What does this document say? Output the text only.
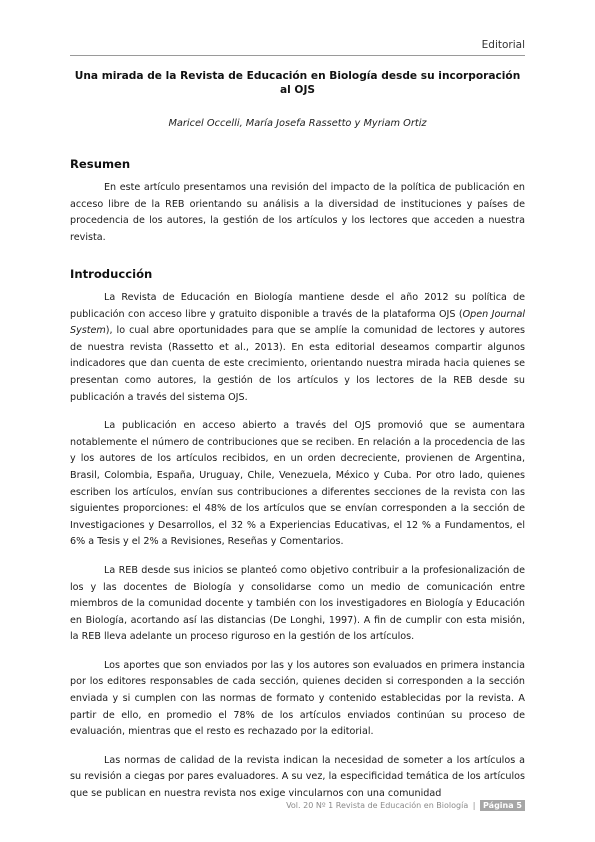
Editorial
Una mirada de la Revista de Educación en Biología desde su incorporación al OJS
Maricel Occelli, María Josefa Rassetto y Myriam Ortiz
Resumen

En este artículo presentamos una revisión del impacto de la política de publicación en acceso libre de la REB orientando su análisis a la diversidad de instituciones y países de procedencia de los autores, la gestión de los artículos y los lectores que acceden a nuestra revista.

Introducción

La Revista de Educación en Biología mantiene desde el año 2012 su política de publicación con acceso libre y gratuito disponible a través de la plataforma OJS (Open Journal System), lo cual abre oportunidades para que se amplíe la comunidad de lectores y autores de nuestra revista (Rassetto et al., 2013). En esta editorial deseamos compartir algunos indicadores que dan cuenta de este crecimiento, orientando nuestra mirada hacia quienes se presentan como autores, la gestión de los artículos y los lectores de la REB desde su publicación a través del sistema OJS.

La publicación en acceso abierto a través del OJS promovió que se aumentara notablemente el número de contribuciones que se reciben. En relación a la procedencia de las y los autores de los artículos recibidos, en un orden decreciente, provienen de Argentina, Brasil, Colombia, España, Uruguay, Chile, Venezuela, México y Cuba. Por otro lado, quienes escriben los artículos, envían sus contribuciones a diferentes secciones de la revista con las siguientes proporciones: el 48% de los artículos que se envían corresponden a la sección de Investigaciones y Desarrollos, el 32 % a Experiencias Educativas, el 12 % a Fundamentos, el 6% a Tesis y el 2% a Revisiones, Reseñas y Comentarios.

La REB desde sus inicios se planteó como objetivo contribuir a la profesionalización de los y las docentes de Biología y consolidarse como un medio de comunicación entre miembros de la comunidad docente y también con los investigadores en Biología y Educación en Biología, acortando así las distancias (De Longhi, 1997). A fin de cumplir con esta misión, la REB lleva adelante un proceso riguroso en la gestión de los artículos.

Los aportes que son enviados por las y los autores son evaluados en primera instancia por los editores responsables de cada sección, quienes deciden si corresponden a la sección enviada y si cumplen con las normas de formato y contenido establecidas por la revista. A partir de ello, en promedio el 78% de los artículos enviados continúan su proceso de evaluación, mientras que el resto es rechazado por la editorial.

Las normas de calidad de la revista indican la necesidad de someter a los artículos a su revisión a ciegas por pares evaluadores. A su vez, la especificidad temática de los artículos que se publican en nuestra revista nos exige vincularnos con una comunidad

Vol. 20 Nº 1 Revista de Educación en Biología | Página 5
